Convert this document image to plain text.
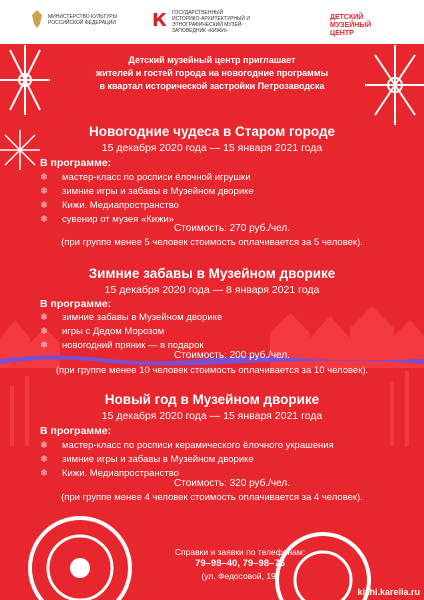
МИНИСТЕРСТВО КУЛЬТУРЫ РОССИЙСКОЙ ФЕДЕРАЦИИ	К ГОСУДАРСТВЕННЫЙ ИСТОРИКО-АРХИТЕКТУРНЫЙ И ЭТНОГРАФИЧЕСКИЙ МУЗЕЙ-ЗАПОВЕДНИК «КИЖИ»
ДЕТСКИЙ МУЗЕЙНЫЙ ЦЕНТР
Детский музейный центр приглашает
жителей и гостей города на новогодние программы
в квартал исторической застройки Петрозаводска
Новогодние чудеса в Старом городе
15 декабря 2020 года — 15 января 2021 года
В программе:
❄ мастер-класс по росписи ёлочной игрушки
❄ зимние игры и забавы в Музейном дворике
❄ Кижи. Медиапространство
❄ сувенир от музея «Кижи»
Стоимость: 270 руб./чел.
(при группе менее 5 человек стоимость оплачивается за 5 человек).
Зимние забавы в Музейном дворике
15 декабря 2020 года — 8 января 2021 года
В программе:
❄ зимние забавы в Музейном дворике
❄ игры с Дедом Морозом
❄ новогодний пряник — в подарок
Стоимость: 200 руб./чел.
(при группе менее 10 человек стоимость оплачивается за 10 человек).
Новый год в Музейном дворике
15 декабря 2020 года — 15 января 2021 года
В программе:
❄ мастер-класс по росписи керамического ёлочного украшения
❄ зимние игры и забавы в Музейном дворике
❄ Кижи. Медиапространство
Стоимость: 320 руб./чел.
(при группе менее 4 человек стоимость оплачивается за 4 человек).
Справки и заявки по телефонам:
79–98–40, 79–98–76
(ул. Федосовой, 19)
kizhi.karelia.ru
